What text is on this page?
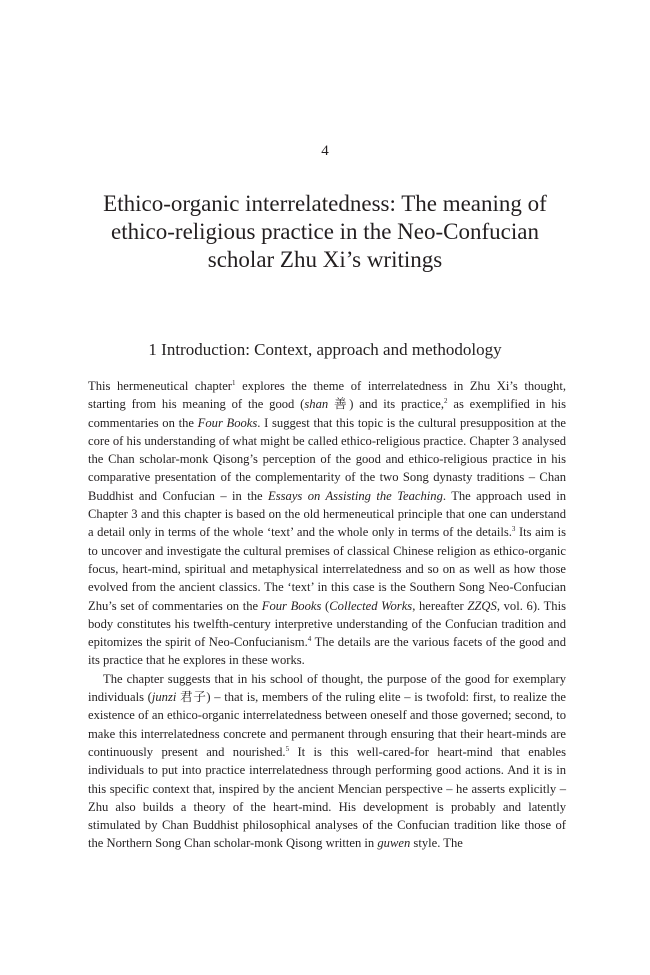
4
Ethico-organic interrelatedness: The meaning of
ethico-religious practice in the Neo-Confucian
scholar Zhu Xi’s writings
1 Introduction: Context, approach and methodology

This hermeneutical chapter$^1$ explores the theme of interrelatedness in Zhu Xi’s thought, starting from his meaning of the good (shan 善) and its practice,$^2$ as exemplified in his commentaries on the Four Books. I suggest that this topic is the cultural presupposition at the core of his understanding of what might be called ethico-religious practice. Chapter 3 analysed the Chan scholar-monk Qisong’s perception of the good and ethico-religious practice in his comparative presentation of the complementarity of the two Song dynasty traditions – Chan Buddhist and Confucian – in the Essays on Assisting the Teaching. The approach used in Chapter 3 and this chapter is based on the old hermeneutical principle that one can understand a detail only in terms of the whole ‘text’ and the whole only in terms of the details.$^3$ Its aim is to uncover and investigate the cultural premises of classical Chinese religion as ethico-organic focus, heart-mind, spiritual and metaphysical interrelatedness and so on as well as how those evolved from the ancient classics. The ‘text’ in this case is the Southern Song Neo-Confucian Zhu’s set of commentaries on the Four Books (Collected Works, hereafter ZZQS, vol. 6). This body constitutes his twelfth-century interpretive understanding of the Confucian tradition and epitomizes the spirit of Neo-Confucianism.$^4$ The details are the various facets of the good and its practice that he explores in these works.

The chapter suggests that in his school of thought, the purpose of the good for exemplary individuals (junzi 君子) – that is, members of the ruling elite – is twofold: first, to realize the existence of an ethico-organic interrelatedness between oneself and those governed; second, to make this interrelatedness concrete and permanent through ensuring that their heart-minds are continuously present and nourished.$^5$ It is this well-cared-for heart-mind that enables individuals to put into practice interrelatedness through performing good actions. And it is in this specific context that, inspired by the ancient Mencian perspective – he asserts explicitly – Zhu also builds a theory of the heart-mind. His development is probably and latently stimulated by Chan Buddhist philosophical analyses of the Confucian tradition like those of the Northern Song Chan scholar-monk Qisong written in guwen style. The
